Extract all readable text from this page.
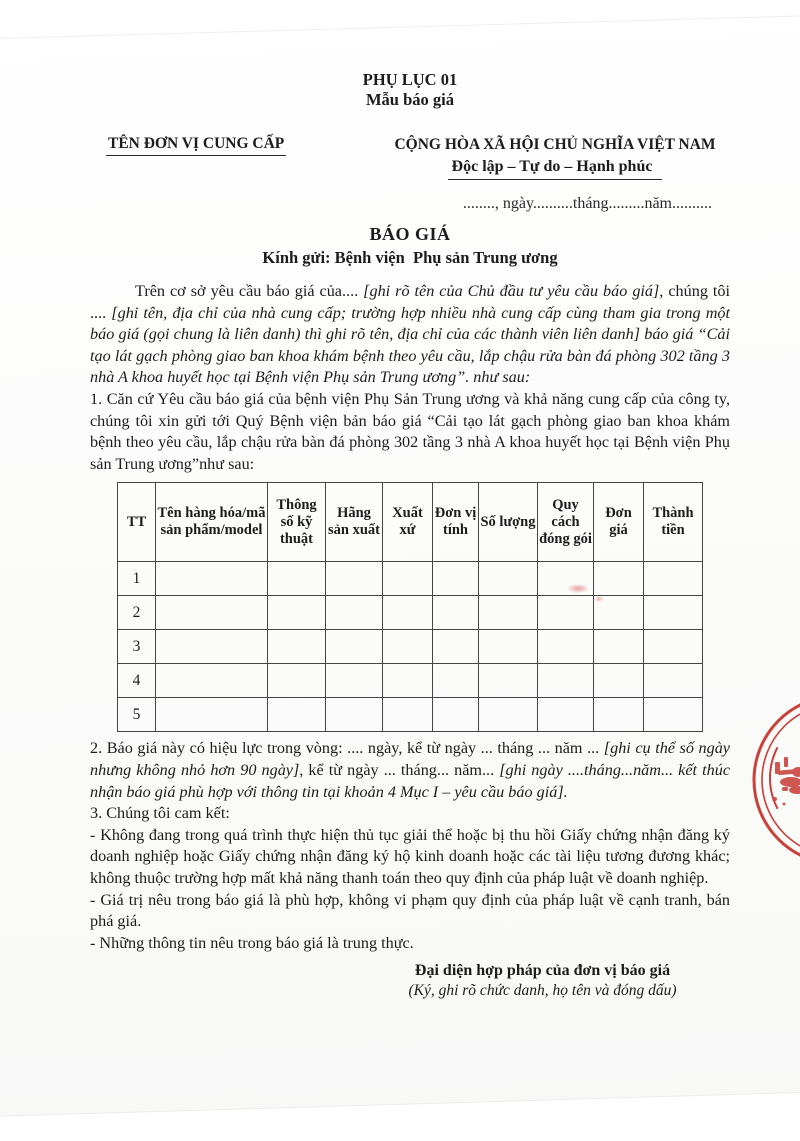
PHỤ LỤC 01
Mẫu báo giá
TÊN ĐƠN VỊ CUNG CẤP	CỘNG HÒA XÃ HỘI CHỦ NGHĨA VIỆT NAM
Độc lập – Tự do – Hạnh phúc
........, ngày..........tháng.........năm..........
BÁO GIÁ
Kính gửi: Bệnh viện  Phụ sản Trung ương

Trên cơ sở yêu cầu báo giá của.... [ghi rõ tên của Chủ đầu tư yêu cầu báo giá], chúng tôi .... [ghi tên, địa chỉ của nhà cung cấp; trường hợp nhiều nhà cung cấp cùng tham gia trong một báo giá (gọi chung là liên danh) thì ghi rõ tên, địa chỉ của các thành viên liên danh] báo giá “Cải tạo lát gạch phòng giao ban khoa khám bệnh theo yêu cầu, lắp chậu rửa bàn đá phòng 302 tầng 3 nhà A khoa huyết học tại Bệnh viện Phụ sản Trung ương”. như sau:

1. Căn cứ Yêu cầu báo giá của bệnh viện Phụ Sản Trung ương và khả năng cung cấp của công ty, chúng tôi xin gửi tới Quý Bệnh viện bản báo giá “Cải tạo lát gạch phòng giao ban khoa khám bệnh theo yêu cầu, lắp chậu rửa bàn đá phòng 302 tầng 3 nhà A khoa huyết học tại Bệnh viện Phụ sản Trung ương”như sau:

TT	Tên hàng hóa/mã sản phẩm/model	Thông số kỹ thuật	Hãng sản xuất	Xuất xứ	Đơn vị tính	Số lượng	Quy cách đóng gói	Đơn giá	Thành tiền
1									
2									
3									
4									
5									

2. Báo giá này có hiệu lực trong vòng: .... ngày, kể từ ngày ... tháng ... năm ... [ghi cụ thể số ngày nhưng không nhỏ hơn 90 ngày], kể từ ngày ... tháng... năm... [ghi ngày ....tháng...năm... kết thúc nhận báo giá phù hợp với thông tin tại khoản 4 Mục I – yêu cầu báo giá].

3. Chúng tôi cam kết:

- Không đang trong quá trình thực hiện thủ tục giải thể hoặc bị thu hồi Giấy chứng nhận đăng ký doanh nghiệp hoặc Giấy chứng nhận đăng ký hộ kinh doanh hoặc các tài liệu tương đương khác; không thuộc trường hợp mất khả năng thanh toán theo quy định của pháp luật về doanh nghiệp.

- Giá trị nêu trong báo giá là phù hợp, không vi phạm quy định của pháp luật về cạnh tranh, bán phá giá.

- Những thông tin nêu trong báo giá là trung thực.

Đại diện hợp pháp của đơn vị báo giá
(Ký, ghi rõ chức danh, họ tên và đóng dấu)
